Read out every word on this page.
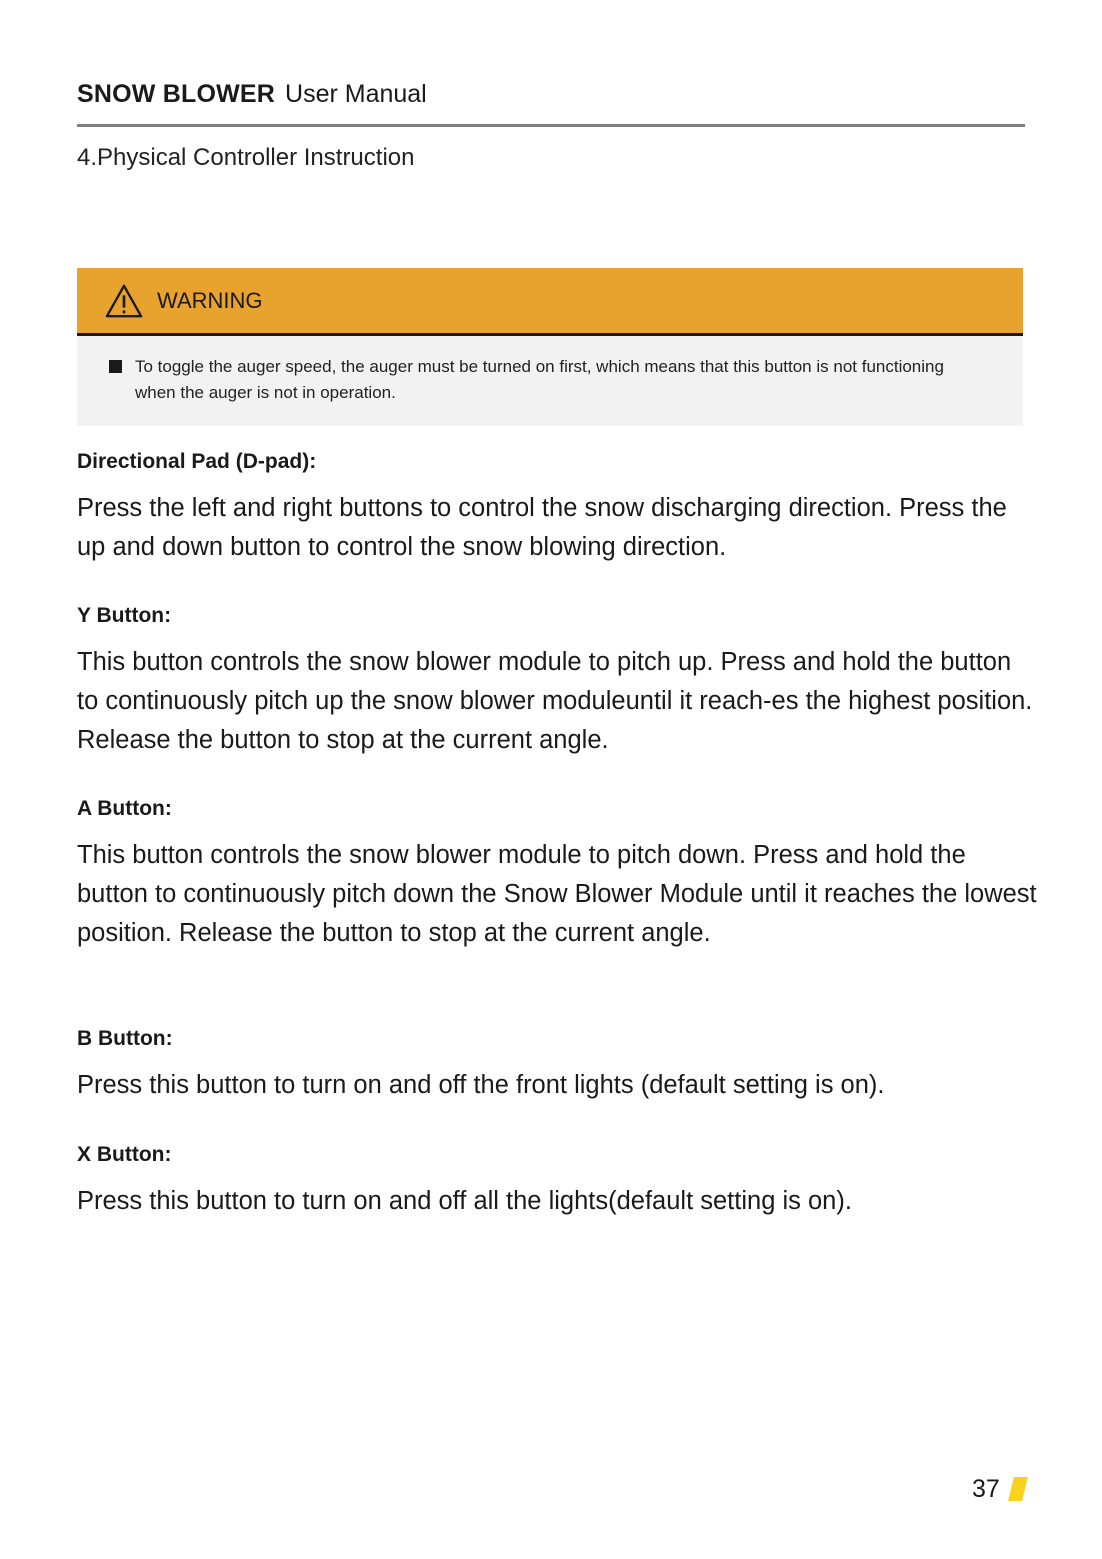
SNOW BLOWER User Manual
4.Physical Controller Instruction
WARNING
To toggle the auger speed, the auger must be turned on first, which means that this button is not functioning when the auger is not in operation.
Directional Pad (D-pad):
Press the left and right buttons to control the snow discharging direction. Press the up and down button to control the snow blowing direction.
Y Button:
This button controls the snow blower module to pitch up. Press and hold the button to continuously pitch up the snow blower moduleuntil it reach-es the highest position. Release the button to stop at the current angle.
A Button:
This button controls the snow blower module to pitch down. Press and hold the button to continuously pitch down the Snow Blower Module until it reaches the lowest position. Release the button to stop at the current angle.
B Button:
Press this button to turn on and off the front lights (default setting is on).
X Button:
Press this button to turn on and off all the lights(default setting is on).
37
